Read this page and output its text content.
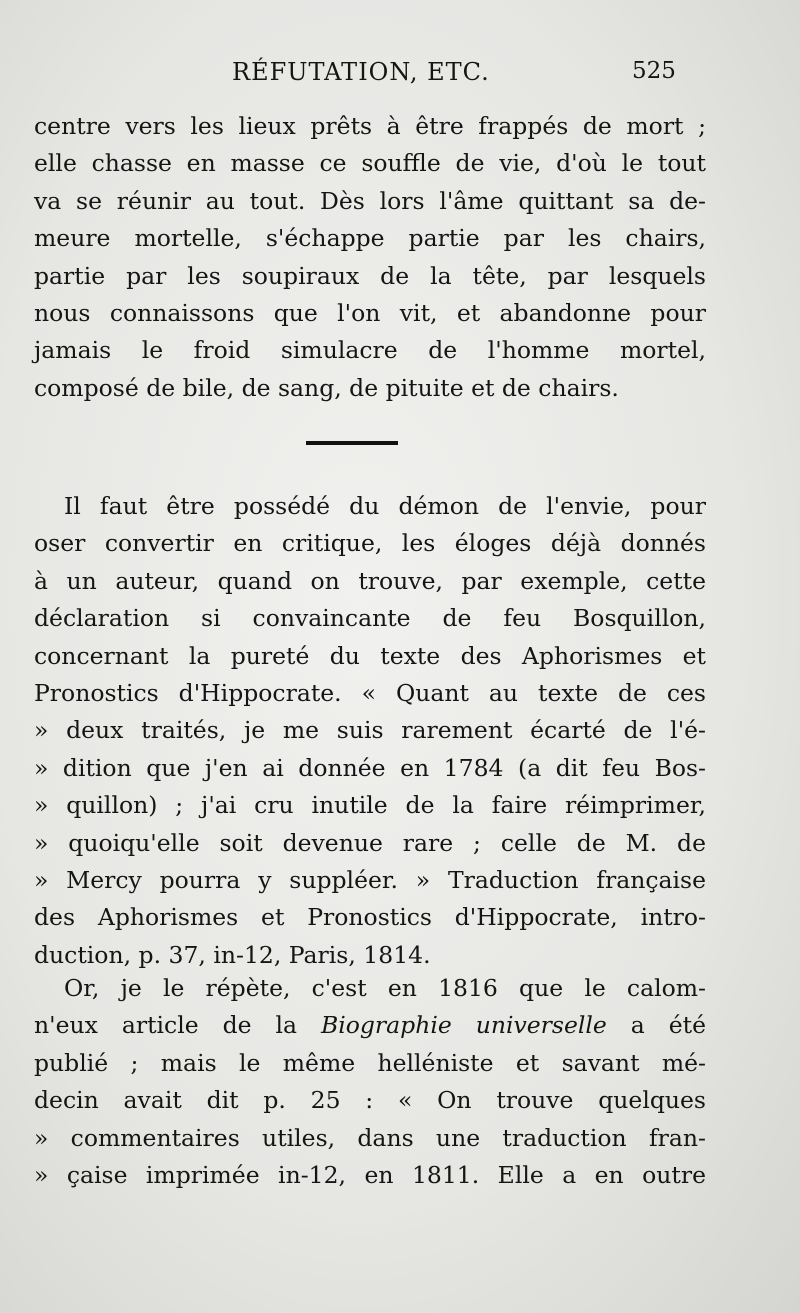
RÉFUTATION, ETC.	525
centre vers les lieux prêts à être frappés de mort ;
elle chasse en masse ce souffle de vie, d'où le tout
va se réunir au tout. Dès lors l'âme quittant sa de-
meure mortelle, s'échappe partie par les chairs,
partie par les soupiraux de la tête, par lesquels
nous connaissons que l'on vit, et abandonne pour
jamais le froid simulacre de l'homme mortel,
composé de bile, de sang, de pituite et de chairs.
Il faut être possédé du démon de l'envie, pour
oser convertir en critique, les éloges déjà donnés
à un auteur, quand on trouve, par exemple, cette
déclaration si convaincante de feu Bosquillon,
concernant la pureté du texte des Aphorismes et
Pronostics d'Hippocrate. « Quant au texte de ces
» deux traités, je me suis rarement écarté de l'é-
» dition que j'en ai donnée en 1784 (a dit feu Bos-
» quillon) ; j'ai cru inutile de la faire réimprimer,
» quoiqu'elle soit devenue rare ; celle de M. de
» Mercy pourra y suppléer. » Traduction française
des Aphorismes et Pronostics d'Hippocrate, intro-
duction, p. 37, in-12, Paris, 1814.
Or, je le répète, c'est en 1816 que le calom-
n'eux article de la Biographie universelle a été
publié ; mais le même helléniste et savant mé-
decin avait dit p. 25 : « On trouve quelques
» commentaires utiles, dans une traduction fran-
» çaise imprimée in-12, en 1811. Elle a en outre
